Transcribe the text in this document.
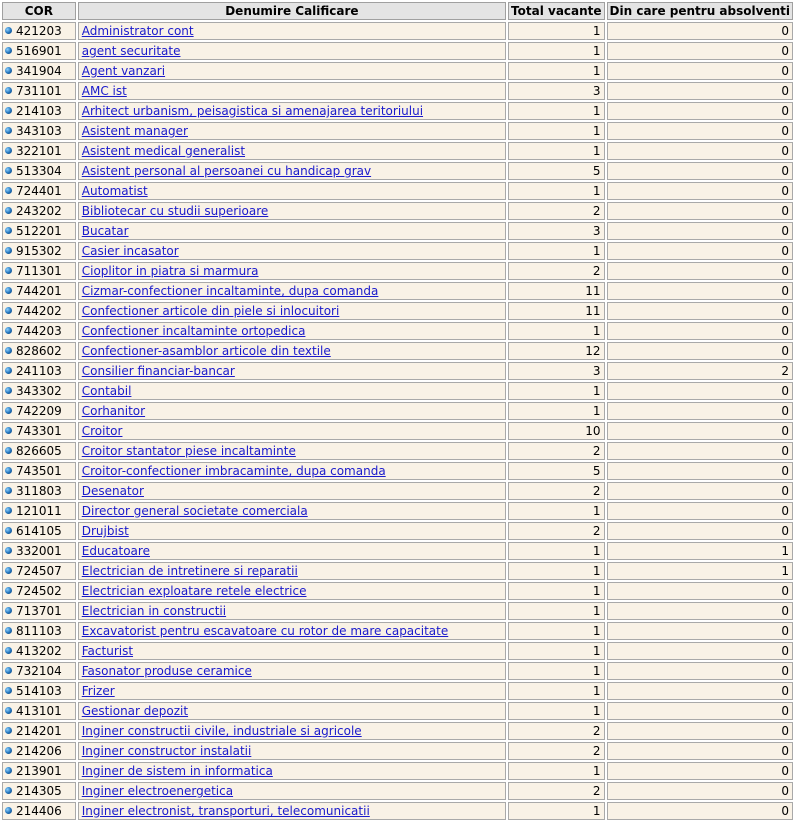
COR	Denumire Calificare	Total vacante	Din care pentru absolventi
421203	Administrator cont	1	0
516901	agent securitate	1	0
341904	Agent vanzari	1	0
731101	AMC ist	3	0
214103	Arhitect urbanism, peisagistica si amenajarea teritoriului	1	0
343103	Asistent manager	1	0
322101	Asistent medical generalist	1	0
513304	Asistent personal al persoanei cu handicap grav	5	0
724401	Automatist	1	0
243202	Bibliotecar cu studii superioare	2	0
512201	Bucatar	3	0
915302	Casier incasator	1	0
711301	Cioplitor in piatra si marmura	2	0
744201	Cizmar-confectioner incaltaminte, dupa comanda	11	0
744202	Confectioner articole din piele si inlocuitori	11	0
744203	Confectioner incaltaminte ortopedica	1	0
828602	Confectioner-asamblor articole din textile	12	0
241103	Consilier financiar-bancar	3	2
343302	Contabil	1	0
742209	Corhanitor	1	0
743301	Croitor	10	0
826605	Croitor stantator piese incaltaminte	2	0
743501	Croitor-confectioner imbracaminte, dupa comanda	5	0
311803	Desenator	2	0
121011	Director general societate comerciala	1	0
614105	Drujbist	2	0
332001	Educatoare	1	1
724507	Electrician de intretinere si reparatii	1	1
724502	Electrician exploatare retele electrice	1	0
713701	Electrician in constructii	1	0
811103	Excavatorist pentru escavatoare cu rotor de mare capacitate	1	0
413202	Facturist	1	0
732104	Fasonator produse ceramice	1	0
514103	Frizer	1	0
413101	Gestionar depozit	1	0
214201	Inginer constructii civile, industriale si agricole	2	0
214206	Inginer constructor instalatii	2	0
213901	Inginer de sistem in informatica	1	0
214305	Inginer electroenergetica	2	0
214406	Inginer electronist, transporturi, telecomunicatii	1	0
